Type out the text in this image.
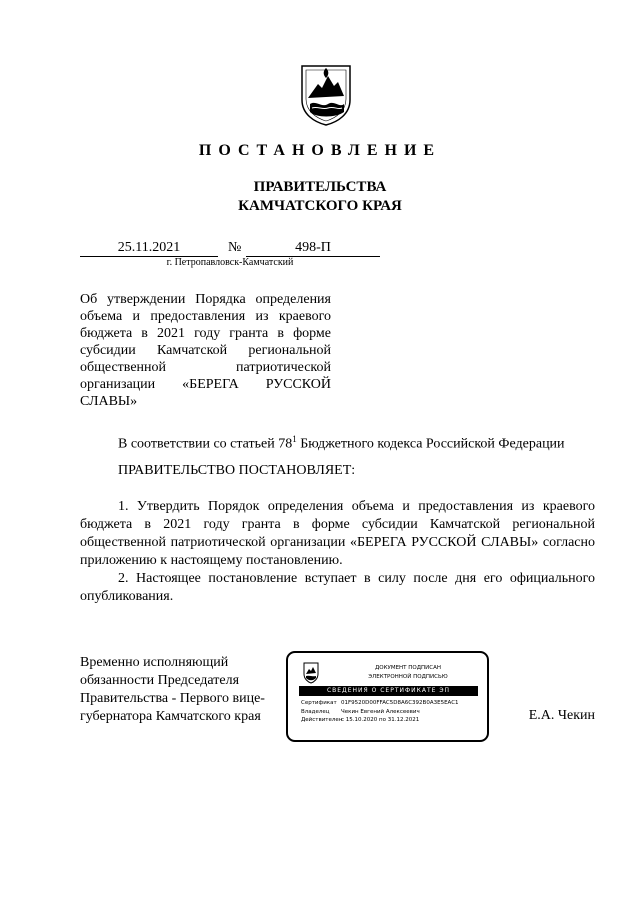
ПОСТАНОВЛЕНИЕ
ПРАВИТЕЛЬСТВА
КАМЧАТСКОГО КРАЯ
25.11.2021	№	498-П
г. Петропавловск-Камчатский
Об утверждении Порядка определения объема и предоставления из краевого бюджета в 2021 году гранта в форме субсидии Камчатской региональной общественной патриотической организации «БЕРЕГА РУССКОЙ СЛАВЫ»
В соответствии со статьей $78^1$ Бюджетного кодекса Российской Федерации
ПРАВИТЕЛЬСТВО ПОСТАНОВЛЯЕТ:

1. Утвердить Порядок определения объема и предоставления из краевого бюджета в 2021 году гранта в форме субсидии Камчатской региональной общественной патриотической организации «БЕРЕГА РУССКОЙ СЛАВЫ» согласно приложению к настоящему постановлению.

2. Настоящее постановление вступает в силу после дня его официального опубликования.

Временно исполняющий
обязанности Председателя
Правительства - Первого вице-
губернатора Камчатского края
ДОКУМЕНТ ПОДПИСАН
ЭЛЕКТРОННОЙ ПОДПИСЬЮ
СВЕДЕНИЯ О СЕРТИФИКАТЕ ЭП
Сертификат 01F9520D00FFAC5D8A6C392B0A3E5EAC1
Владелец	Чекин Евгений Алексеевич
Действителен
с 15.10.2020 по 31.12.2021	Е.А. Чекин
